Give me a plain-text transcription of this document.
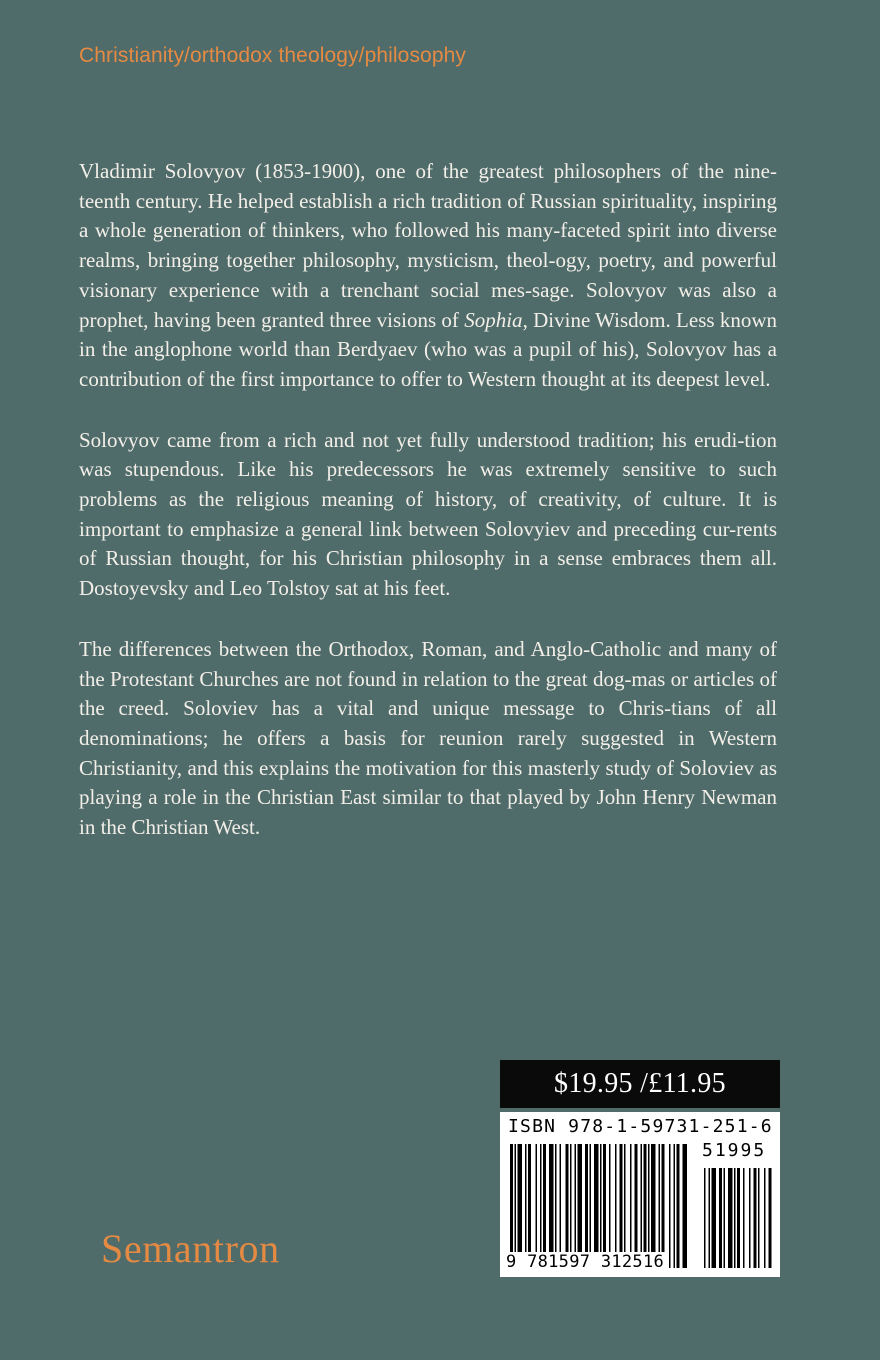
Christianity/orthodox theology/philosophy

Vladimir Solovyov (1853-1900), one of the greatest philosophers of the nine-teenth century. He helped establish a rich tradition of Russian spirituality, inspiring a whole generation of thinkers, who followed his many-faceted spirit into diverse realms, bringing together philosophy, mysticism, theol-ogy, poetry, and powerful visionary experience with a trenchant social mes-sage. Solovyov was also a prophet, having been granted three visions of Sophia, Divine Wisdom. Less known in the anglophone world than Berdyaev (who was a pupil of his), Solovyov has a contribution of the first importance to offer to Western thought at its deepest level.

Solovyov came from a rich and not yet fully understood tradition; his erudi-tion was stupendous. Like his predecessors he was extremely sensitive to such problems as the religious meaning of history, of creativity, of culture. It is important to emphasize a general link between Solovyiev and preceding cur-rents of Russian thought, for his Christian philosophy in a sense embraces them all. Dostoyevsky and Leo Tolstoy sat at his feet.

The differences between the Orthodox, Roman, and Anglo-Catholic and many of the Protestant Churches are not found in relation to the great dog-mas or articles of the creed. Soloviev has a vital and unique message to Chris-tians of all denominations; he offers a basis for reunion rarely suggested in Western Christianity, and this explains the motivation for this masterly study of Soloviev as playing a role in the Christian East similar to that played by John Henry Newman in the Christian West.

$19.95 /£11.95
ISBN 978-1-59731-251-6
51995
9 781597 312516
Semantron
